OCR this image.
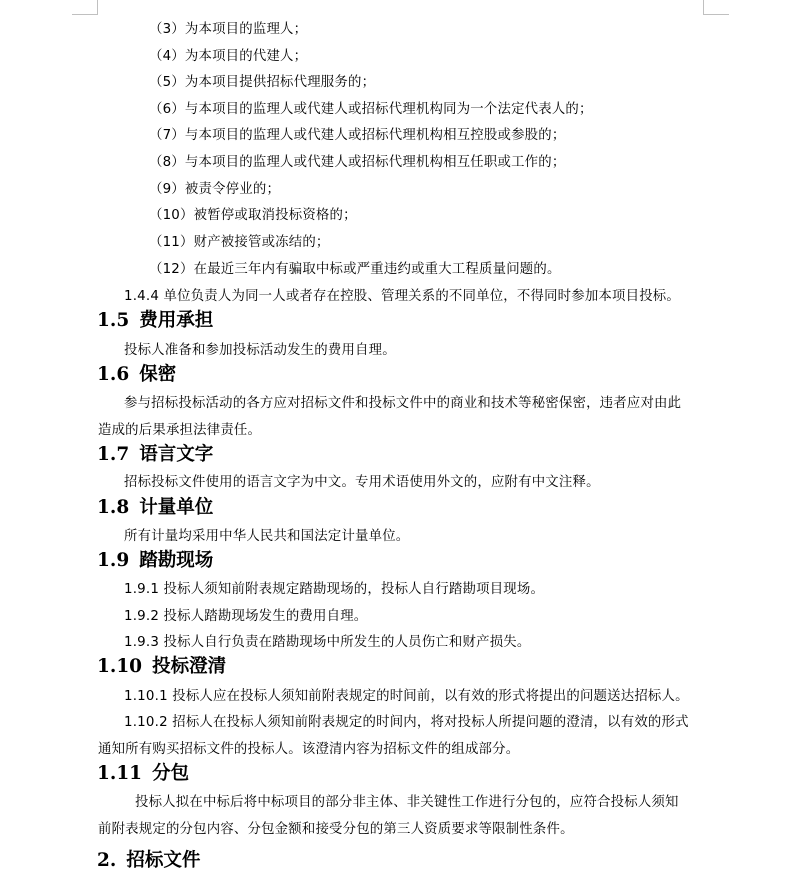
（3）为本项目的监理人；
（4）为本项目的代建人；
（5）为本项目提供招标代理服务的；
（6）与本项目的监理人或代建人或招标代理机构同为一个法定代表人的；
（7）与本项目的监理人或代建人或招标代理机构相互控股或参股的；
（8）与本项目的监理人或代建人或招标代理机构相互任职或工作的；
（9）被责令停业的；
（10）被暂停或取消投标资格的；
（11）财产被接管或冻结的；
（12）在最近三年内有骗取中标或严重违约或重大工程质量问题的。
1.4.4 单位负责人为同一人或者存在控股、管理关系的不同单位，不得同时参加本项目投标。
1.5 费用承担
投标人准备和参加投标活动发生的费用自理。
1.6 保密
参与招标投标活动的各方应对招标文件和投标文件中的商业和技术等秘密保密，违者应对由此
造成的后果承担法律责任。
1.7 语言文字
招标投标文件使用的语言文字为中文。专用术语使用外文的，应附有中文注释。
1.8 计量单位
所有计量均采用中华人民共和国法定计量单位。
1.9 踏勘现场
1.9.1 投标人须知前附表规定踏勘现场的，投标人自行踏勘项目现场。
1.9.2 投标人踏勘现场发生的费用自理。
1.9.3 投标人自行负责在踏勘现场中所发生的人员伤亡和财产损失。
1.10 投标澄清
1.10.1 投标人应在投标人须知前附表规定的时间前，以有效的形式将提出的问题送达招标人。
1.10.2 招标人在投标人须知前附表规定的时间内，将对投标人所提问题的澄清，以有效的形式
通知所有购买招标文件的投标人。该澄清内容为招标文件的组成部分。
1.11 分包
投标人拟在中标后将中标项目的部分非主体、非关键性工作进行分包的，应符合投标人须知
前附表规定的分包内容、分包金额和接受分包的第三人资质要求等限制性条件。
2. 招标文件
